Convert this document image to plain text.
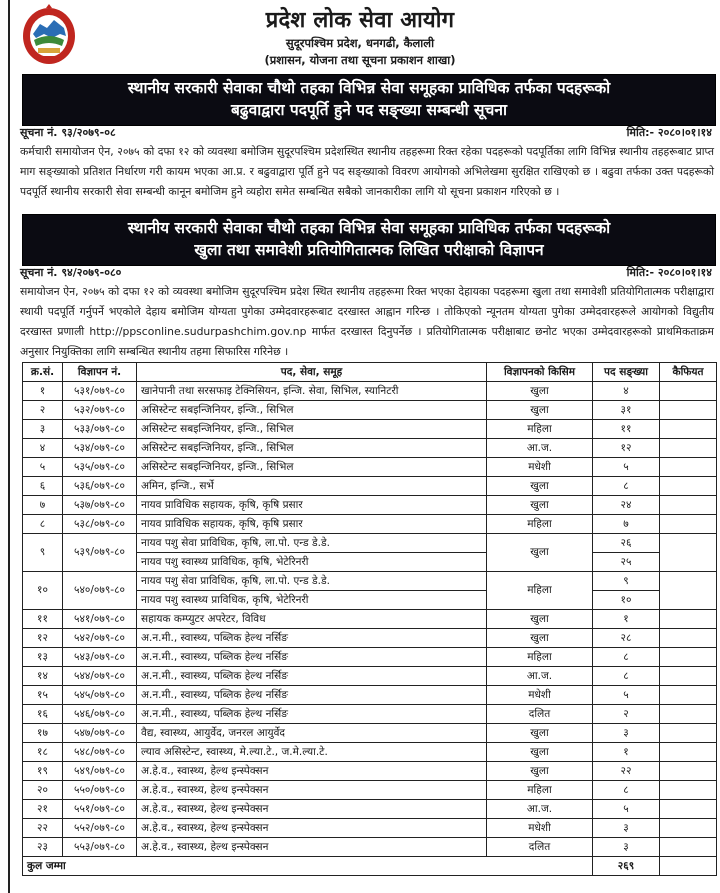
प्रदेश लोक सेवा आयोग
सुदूरपश्चिम प्रदेश, धनगढी, कैलाली
(प्रशासन, योजना तथा सूचना प्रकाशन शाखा)
स्थानीय सरकारी सेवाका चौथो तहका विभिन्न सेवा समूहका प्राविधिक तर्फका पदहरूको
बढुवाद्वारा पदपूर्ति हुने पद सङ्ख्या सम्बन्धी सूचना
सूचना नं. ९३/२०७९-०८	मिति:- २०८०।०१।१४
कर्मचारी समायोजन ऐन, २०७५ को दफा १२ को व्यवस्था बमोजिम सुदूरपश्चिम प्रदेशस्थित स्थानीय तहहरूमा रिक्त रहेका पदहरूको पदपूर्तिका लागि विभिन्न स्थानीय तहहरूबाट प्राप्त माग सङ्ख्याको प्रतिशत निर्धारण गरी कायम भएका आ.प्र. र बढुवाद्वारा पूर्ति हुने पद सङ्ख्याको विवरण आयोगको अभिलेखमा सुरक्षित राखिएको छ । बढुवा तर्फका उक्त पदहरूको पदपूर्ति स्थानीय सरकारी सेवा सम्बन्धी कानून बमोजिम हुने व्यहोरा समेत सम्बन्धित सबैको जानकारीका लागि यो सूचना प्रकाशन गरिएको छ ।
स्थानीय सरकारी सेवाका चौथो तहका विभिन्न सेवा समूहका प्राविधिक तर्फका पदहरूको
खुला तथा समावेशी प्रतियोगितात्मक लिखित परीक्षाको विज्ञापन
सूचना नं. ९४/२०७९-०८०	मिति:- २०८०।०१।१४
समायोजन ऐन, २०७५ को दफा १२ को व्यवस्था बमोजिम सुदूरपश्चिम प्रदेश स्थित स्थानीय तहहरूमा रिक्त भएका देहायका पदहरूमा खुला तथा समावेशी प्रतियोगितात्मक परीक्षाद्वारा स्थायी पदपूर्ति गर्नुपर्ने भएकोले देहाय बमोजिम योग्यता पुगेका उम्मेदवारहरूबाट दरखास्त आह्वान गरिन्छ । तोकिएको न्यूनतम योग्यता पुगेका उम्मेदवारहरूले आयोगको विद्युतीय दरखास्त प्रणाली http://ppsconline.sudurpashchim.gov.np मार्फत दरखास्त दिनुपर्नेछ । प्रतियोगितात्मक परीक्षाबाट छनोट भएका उम्मेदवारहरूको प्राथमिकताक्रम अनुसार नियुक्तिका लागि सम्बन्धित स्थानीय तहमा सिफारिस गरिनेछ ।
क्र.सं.	विज्ञापन नं.	पद, सेवा, समूह	विज्ञापनको किसिम	पद सङ्ख्या	कैफियत
१	५३१/०७९-८०	खानेपानी तथा सरसफाइ टेक्निसियन, इन्जि. सेवा, सिभिल, स्यानिटरी	खुला	४	
२	५३२/०७९-८०	असिस्टेन्ट सबइन्जिनियर, इन्जि., सिभिल	खुला	३१	
३	५३३/०७९-८०	असिस्टेन्ट सबइन्जिनियर, इन्जि., सिभिल	महिला	११	
४	५३४/०७९-८०	असिस्टेन्ट सबइन्जिनियर, इन्जि., सिभिल	आ.ज.	१२	
५	५३५/०७९-८०	असिस्टेन्ट सबइन्जिनियर, इन्जि., सिभिल	मधेशी	५	
६	५३६/०७९-८०	अमिन, इन्जि., सर्भे	खुला	८	
७	५३७/०७९-८०	नायव प्राविधिक सहायक, कृषि, कृषि प्रसार	खुला	२४	
८	५३८/०७९-८०	नायव प्राविधिक सहायक, कृषि, कृषि प्रसार	महिला	७	
९	५३९/०७९-८०	नायव पशु सेवा प्राविधिक, कृषि, ला.पो. एन्ड डे.डे.	खुला	२६	
		नायव पशु स्वास्थ्य प्राविधिक, कृषि, भेटेरिनरी		२५	
१०	५४०/०७९-८०	नायव पशु सेवा प्राविधिक, कृषि, ला.पो. एन्ड डे.डे.	महिला	९	
		नायव पशु स्वास्थ्य प्राविधिक, कृषि, भेटेरिनरी		१०	
११	५४१/०७९-८०	सहायक कम्प्युटर अपरेटर, विविध	खुला	१	
१२	५४२/०७९-८०	अ.न.मी., स्वास्थ्य, पब्लिक हेल्थ नर्सिङ	खुला	२८	
१३	५४३/०७९-८०	अ.न.मी., स्वास्थ्य, पब्लिक हेल्थ नर्सिङ	महिला	८	
१४	५४४/०७९-८०	अ.न.मी., स्वास्थ्य, पब्लिक हेल्थ नर्सिङ	आ.ज.	८	
१५	५४५/०७९-८०	अ.न.मी., स्वास्थ्य, पब्लिक हेल्थ नर्सिङ	मधेशी	५	
१६	५४६/०७९-८०	अ.न.मी., स्वास्थ्य, पब्लिक हेल्थ नर्सिङ	दलित	२	
१७	५४७/०७९-८०	वैद्य, स्वास्थ्य, आयुर्वेद, जनरल आयुर्वेद	खुला	३	
१८	५४८/०७९-८०	ल्याव असिस्टेन्ट, स्वास्थ्य, मे.ल्या.टे., ज.मे.ल्या.टे.	खुला	१	
१९	५४९/०७९-८०	अ.हे.व., स्वास्थ्य, हेल्थ इन्स्पेक्सन	खुला	२२	
२०	५५०/०७९-८०	अ.हे.व., स्वास्थ्य, हेल्थ इन्स्पेक्सन	महिला	८	
२१	५५१/०७९-८०	अ.हे.व., स्वास्थ्य, हेल्थ इन्स्पेक्सन	आ.ज.	५	
२२	५५२/०७९-८०	अ.हे.व., स्वास्थ्य, हेल्थ इन्स्पेक्सन	मधेशी	३	
२३	५५३/०७९-८०	अ.हे.व., स्वास्थ्य, हेल्थ इन्स्पेक्सन	दलित	३	
कुल जम्मा				२६९	
